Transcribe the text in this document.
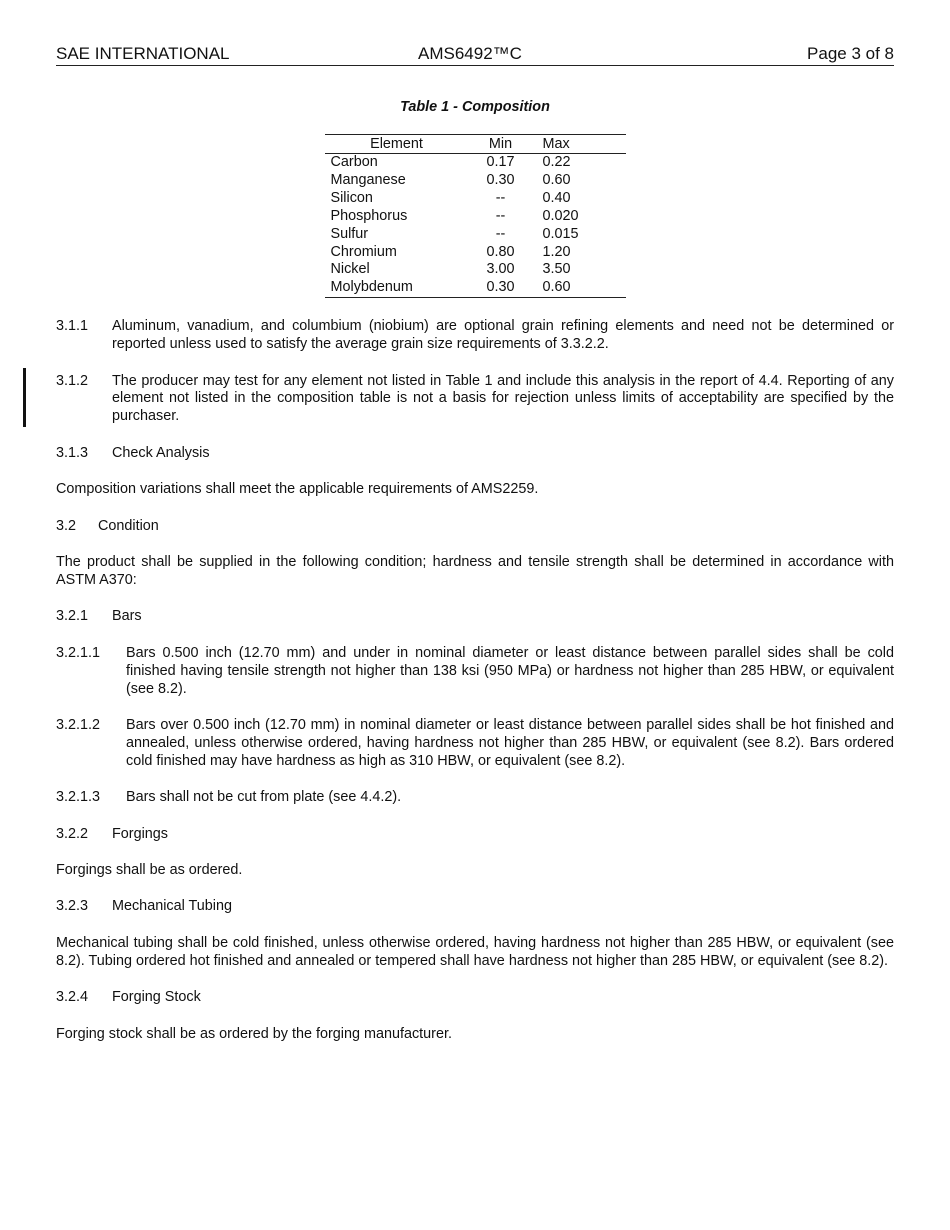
SAE INTERNATIONAL	AMS6492™C	Page 3 of 8
Table 1 - Composition
Element	Min	Max
Carbon	0.17	0.22
Manganese	0.30	0.60
Silicon	--	0.40
Phosphorus	--	0.020
Sulfur	--	0.015
Chromium	0.80	1.20
Nickel	3.00	3.50
Molybdenum	0.30	0.60
3.1.1 Aluminum, vanadium, and columbium (niobium) are optional grain refining elements and need not be determined or reported unless used to satisfy the average grain size requirements of 3.3.2.2.
3.1.2 The producer may test for any element not listed in Table 1 and include this analysis in the report of 4.4. Reporting of any element not listed in the composition table is not a basis for rejection unless limits of acceptability are specified by the purchaser.
3.1.3 Check Analysis
Composition variations shall meet the applicable requirements of AMS2259.
3.2 Condition
The product shall be supplied in the following condition; hardness and tensile strength shall be determined in accordance with ASTM A370:
3.2.1 Bars
3.2.1.1 Bars 0.500 inch (12.70 mm) and under in nominal diameter or least distance between parallel sides shall be cold finished having tensile strength not higher than 138 ksi (950 MPa) or hardness not higher than 285 HBW, or equivalent (see 8.2).
3.2.1.2 Bars over 0.500 inch (12.70 mm) in nominal diameter or least distance between parallel sides shall be hot finished and annealed, unless otherwise ordered, having hardness not higher than 285 HBW, or equivalent (see 8.2). Bars ordered cold finished may have hardness as high as 310 HBW, or equivalent (see 8.2).
3.2.1.3 Bars shall not be cut from plate (see 4.4.2).
3.2.2 Forgings
Forgings shall be as ordered.
3.2.3 Mechanical Tubing
Mechanical tubing shall be cold finished, unless otherwise ordered, having hardness not higher than 285 HBW, or equivalent (see 8.2). Tubing ordered hot finished and annealed or tempered shall have hardness not higher than 285 HBW, or equivalent (see 8.2).
3.2.4 Forging Stock
Forging stock shall be as ordered by the forging manufacturer.
